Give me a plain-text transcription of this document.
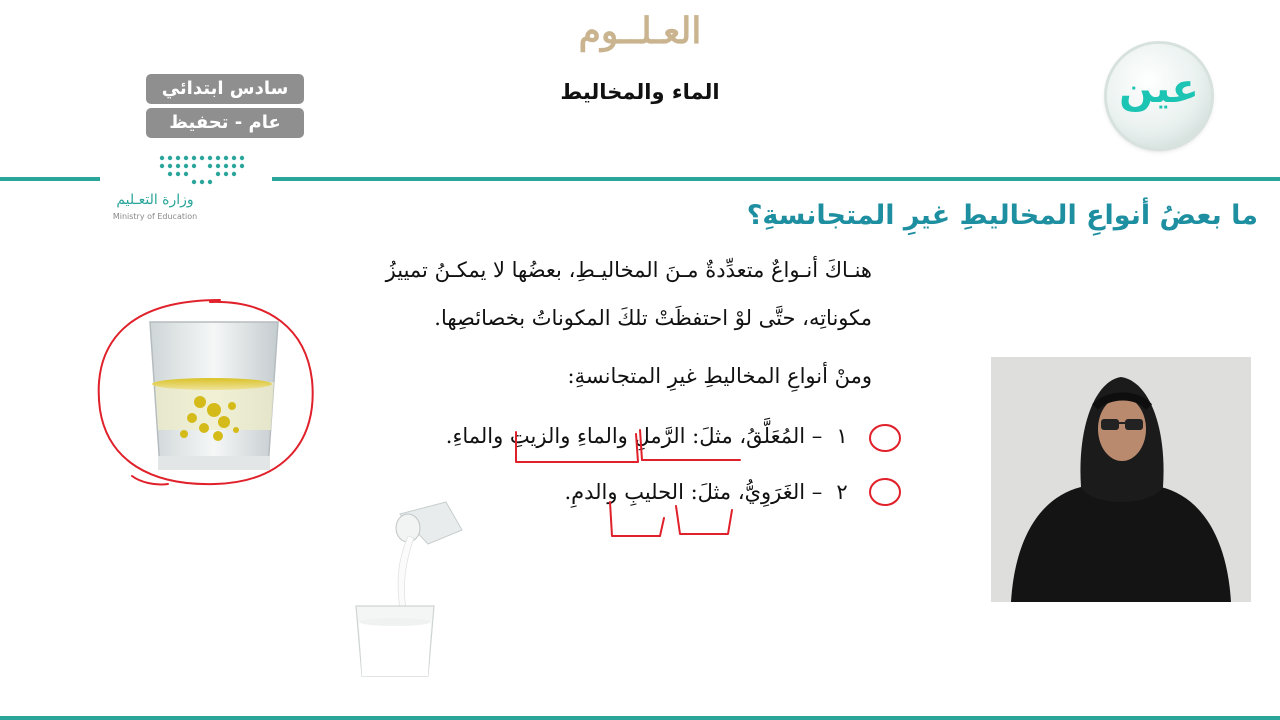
العـلــوم
الماء والمخاليط
سادس ابتدائي
عام - تحفيظ
عين
وزارة التعـليم
Ministry of Education	ما بعضُ أنواعِ المخاليطِ غيرِ المتجانسةِ؟
هنـاكَ أنـواعٌ متعدِّدةٌ مـنَ المخاليـطِ، بعضُها لا يمكـنُ تمييزُ
مكوناتِه، حتَّى لوْ احتفظَتْ تلكَ المكوناتُ بخصائصِها.
ومنْ أنواعِ المخاليطِ غيرِ المتجانسةِ:
١ – المُعَلَّقُ، مثلَ: الرَّملِ والماءِ والزيتِ والماءِ.
٢ – الغَرَوِيُّ، مثلَ: الحليبِ والدمِ.
